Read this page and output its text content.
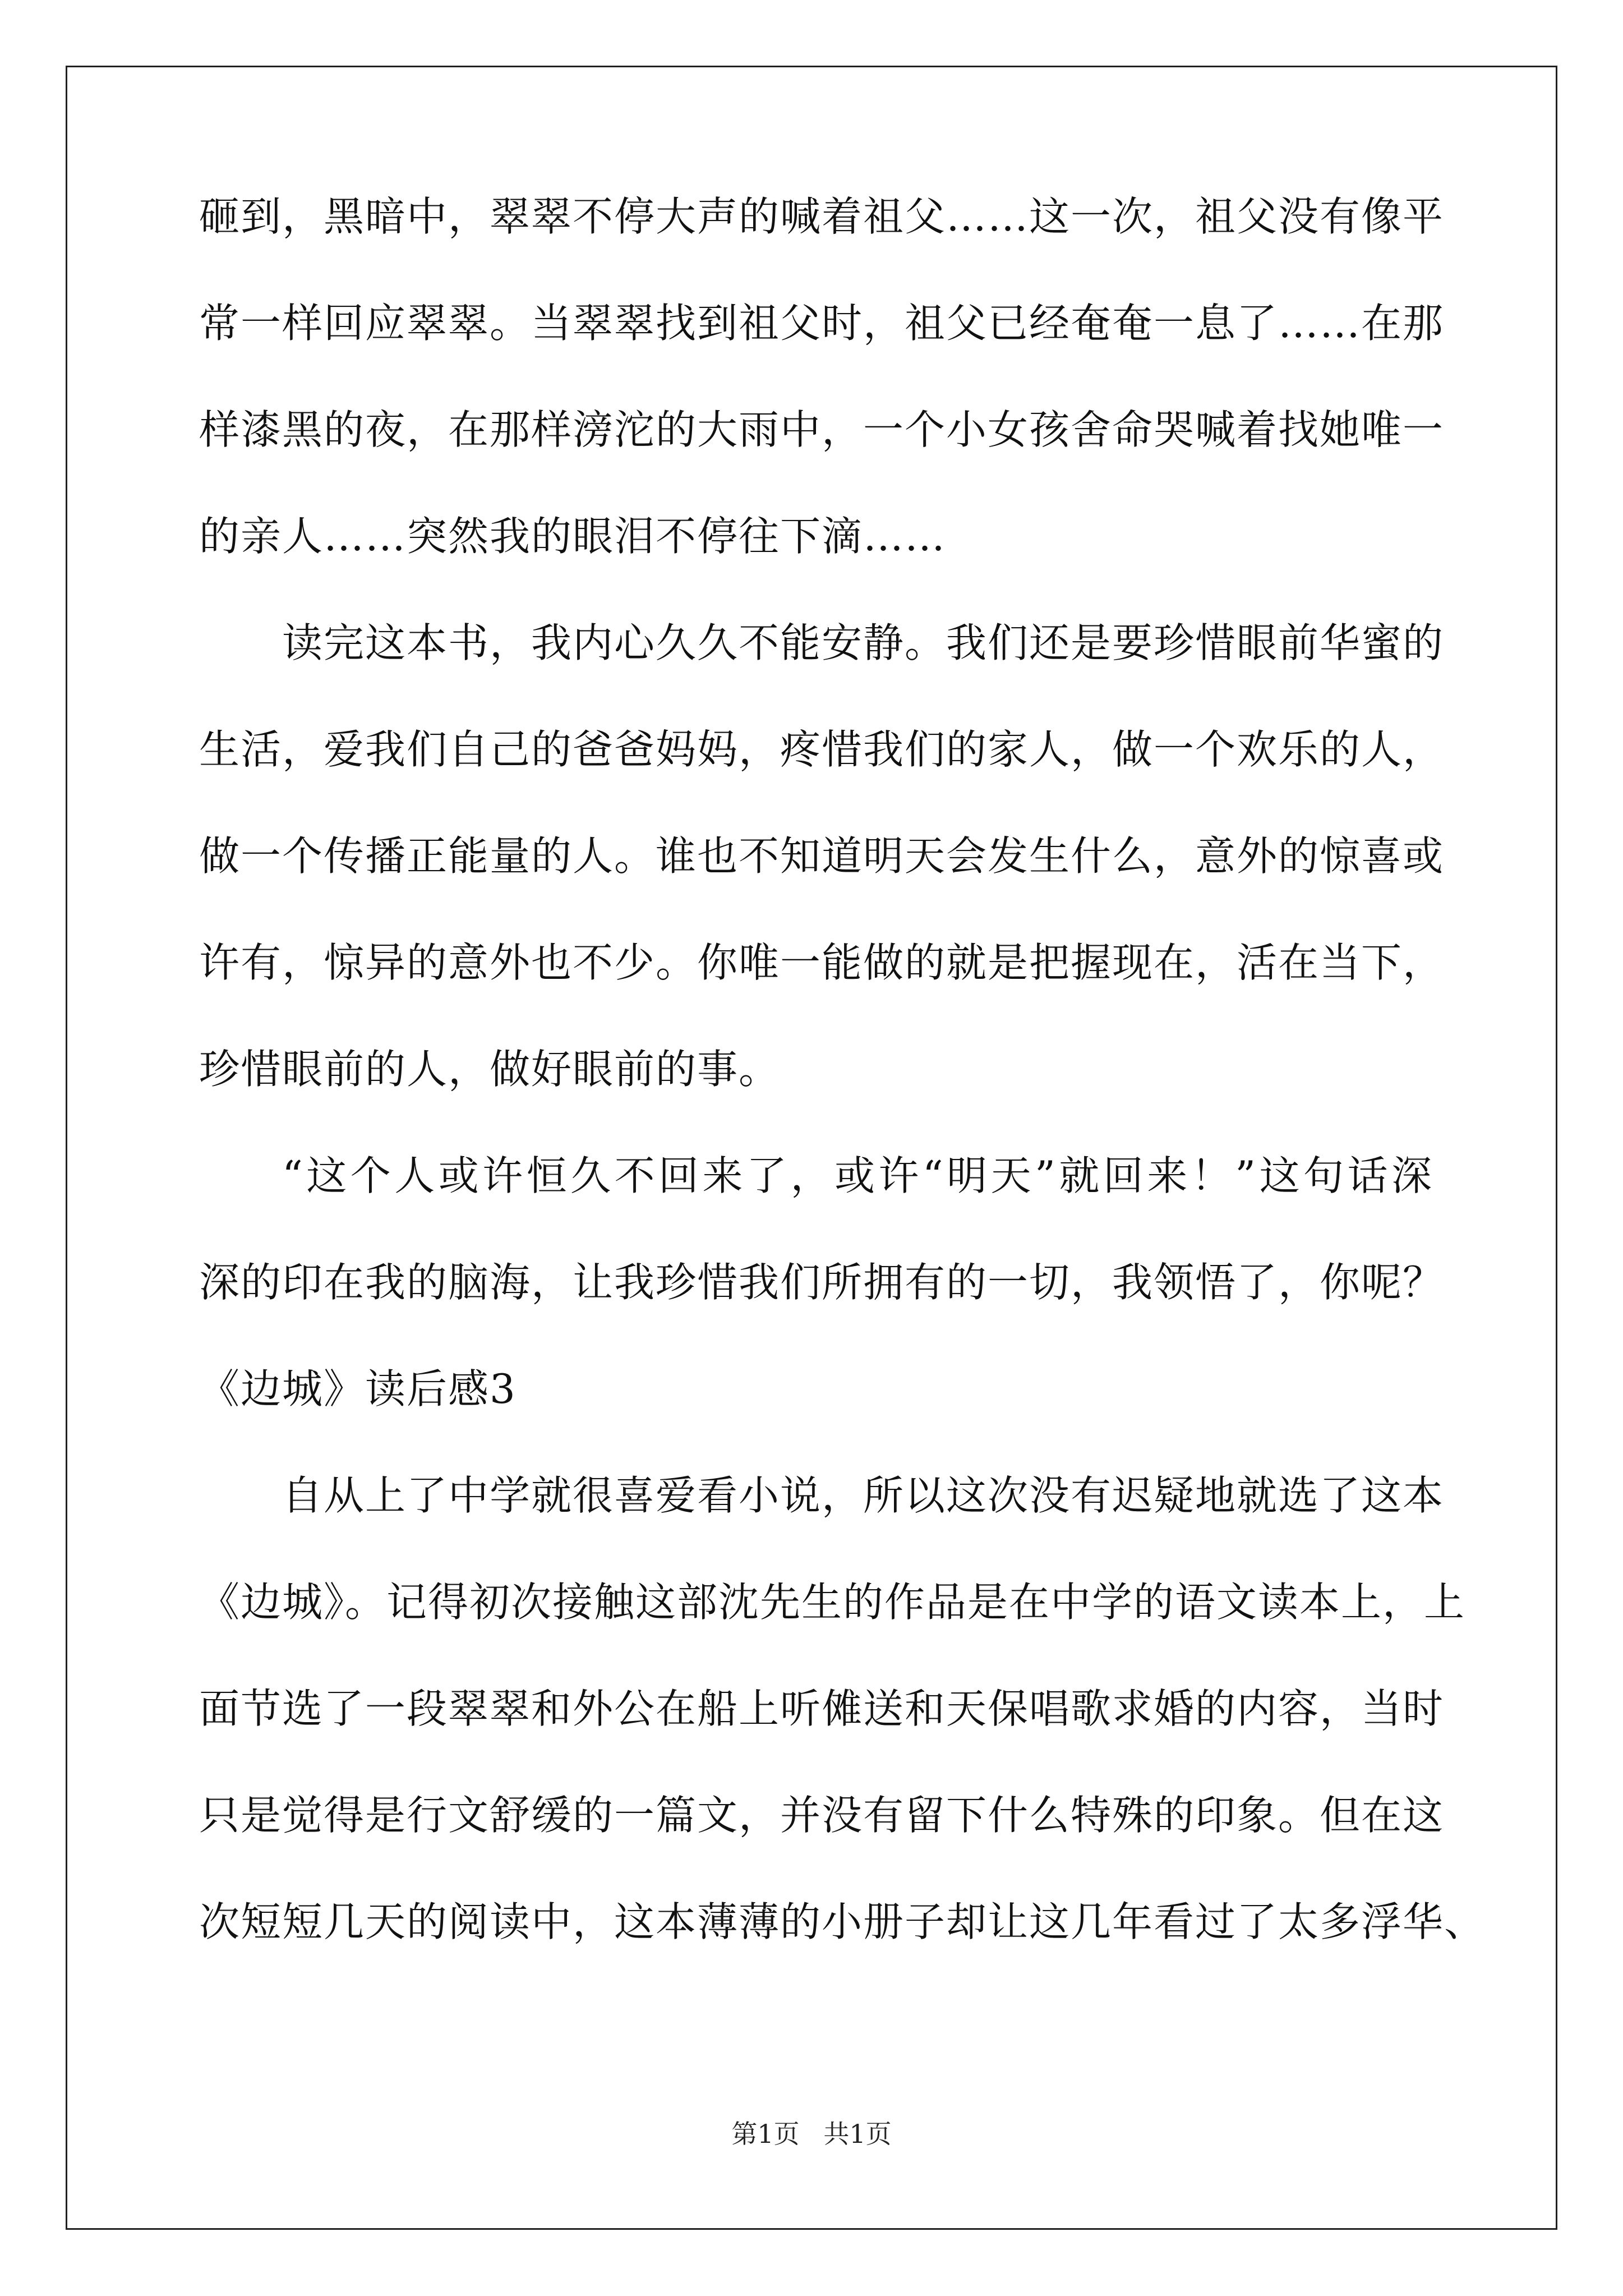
砸到，黑暗中，翠翠不停大声的喊着祖父……这一次，祖父没有像平
常一样回应翠翠。当翠翠找到祖父时，祖父已经奄奄一息了……在那
样漆黑的夜，在那样滂沱的大雨中，一个小女孩舍命哭喊着找她唯一
的亲人……突然我的眼泪不停往下滴……
读完这本书，我内心久久不能安静。我们还是要珍惜眼前华蜜的
生活，爱我们自己的爸爸妈妈，疼惜我们的家人，做一个欢乐的人，
做一个传播正能量的人。谁也不知道明天会发生什么，意外的惊喜或
许有，惊异的意外也不少。你唯一能做的就是把握现在，活在当下，
珍惜眼前的人，做好眼前的事。
“这个人或许恒久不回来了，或许“明天”就回来！”这句话深
深的印在我的脑海，让我珍惜我们所拥有的一切，我领悟了，你呢？
《边城》读后感3
自从上了中学就很喜爱看小说，所以这次没有迟疑地就选了这本
《边城》。记得初次接触这部沈先生的作品是在中学的语文读本上，上
面节选了一段翠翠和外公在船上听傩送和天保唱歌求婚的内容，当时
只是觉得是行文舒缓的一篇文，并没有留下什么特殊的印象。但在这
次短短几天的阅读中，这本薄薄的小册子却让这几年看过了太多浮华、
第1页 共1页
